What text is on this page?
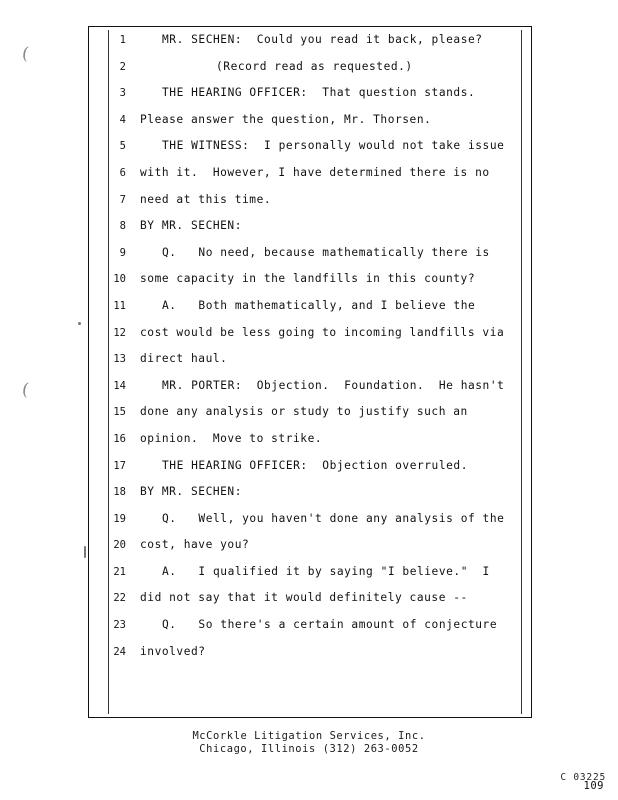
(
(
1	MR. SECHEN:  Could you read it back, please?
2	(Record read as requested.)
3	THE HEARING OFFICER:  That question stands.
4 Please answer the question, Mr. Thorsen.
5	THE WITNESS:  I personally would not take issue
6 with it.  However, I have determined there is no
7 need at this time.
8 BY MR. SECHEN:
9	Q.   No need, because mathematically there is
10 some capacity in the landfills in this county?
11	A.   Both mathematically, and I believe the
12 cost would be less going to incoming landfills via
13 direct haul.
14	MR. PORTER:  Objection.  Foundation.  He hasn't
15 done any analysis or study to justify such an
16 opinion.  Move to strike.
17	THE HEARING OFFICER:  Objection overruled.
18 BY MR. SECHEN:
19	Q.   Well, you haven't done any analysis of the
20 cost, have you?
21	A.   I qualified it by saying "I believe."  I
22 did not say that it would definitely cause --
23	Q.   So there's a certain amount of conjecture
24 involved?
109
McCorkle Litigation Services, Inc.
Chicago, Illinois (312) 263-0052
C 03225
